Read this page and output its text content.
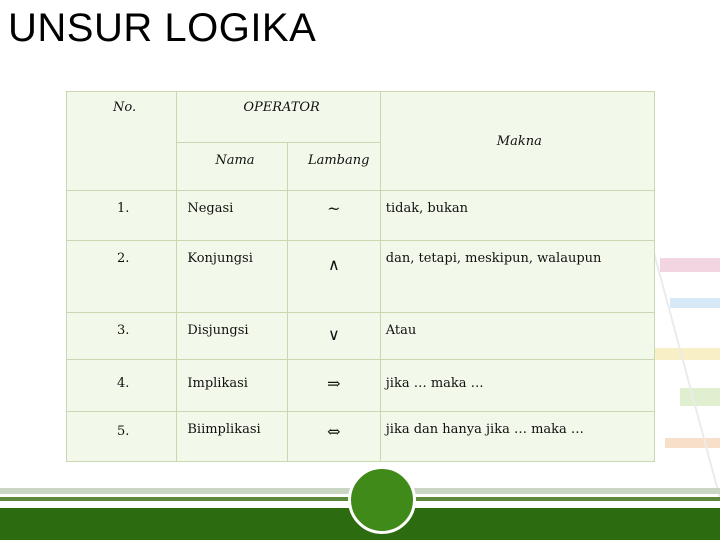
UNSUR LOGIKA
No.	OPERATOR		Makna

	Nama	Lambang	

1.	Negasi	~	tidak, bukan

2.	Konjungsi	∧	dan, tetapi, meskipun, walaupun

3.	Disjungsi	∨	Atau

4.	Implikasi	⇒	jika … maka …

5.	Biimplikasi	⇔	jika dan hanya jika … maka …
